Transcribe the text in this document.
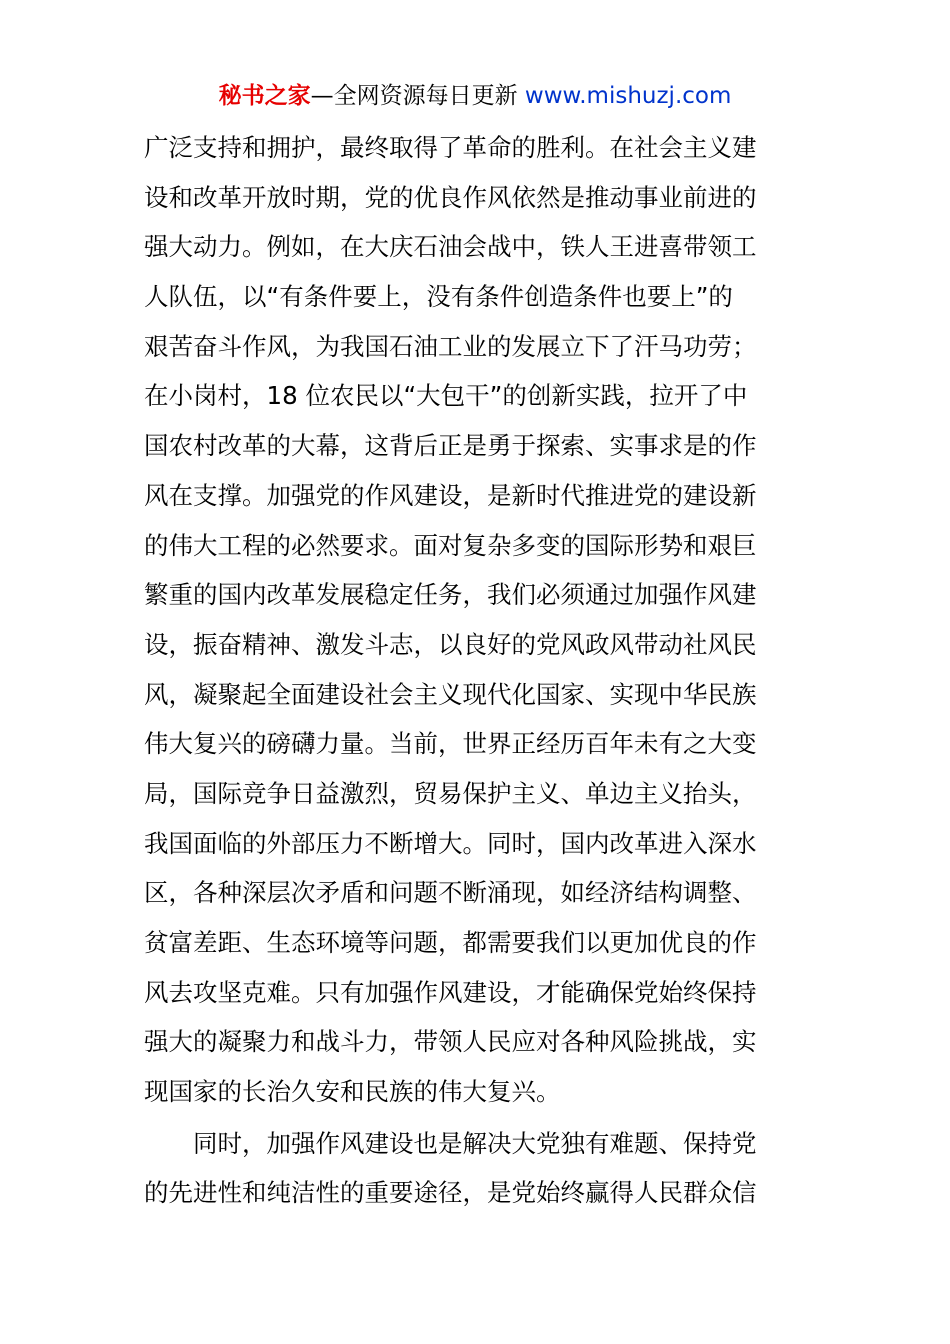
秘书之家—全网资源每日更新 www.mishuzj.com
广泛支持和拥护，最终取得了革命的胜利。在社会主义建
设和改革开放时期，党的优良作风依然是推动事业前进的
强大动力。例如，在大庆石油会战中，铁人王进喜带领工
人队伍，以“有条件要上，没有条件创造条件也要上”的
艰苦奋斗作风，为我国石油工业的发展立下了汗马功劳；
在小岗村，18 位农民以“大包干”的创新实践，拉开了中
国农村改革的大幕，这背后正是勇于探索、实事求是的作
风在支撑。加强党的作风建设，是新时代推进党的建设新
的伟大工程的必然要求。面对复杂多变的国际形势和艰巨
繁重的国内改革发展稳定任务，我们必须通过加强作风建
设，振奋精神、激发斗志，以良好的党风政风带动社风民
风，凝聚起全面建设社会主义现代化国家、实现中华民族
伟大复兴的磅礴力量。当前，世界正经历百年未有之大变
局，国际竞争日益激烈，贸易保护主义、单边主义抬头，
我国面临的外部压力不断增大。同时，国内改革进入深水
区，各种深层次矛盾和问题不断涌现，如经济结构调整、
贫富差距、生态环境等问题，都需要我们以更加优良的作
风去攻坚克难。只有加强作风建设，才能确保党始终保持
强大的凝聚力和战斗力，带领人民应对各种风险挑战，实
现国家的长治久安和民族的伟大复兴。
同时，加强作风建设也是解决大党独有难题、保持党
的先进性和纯洁性的重要途径，是党始终赢得人民群众信
